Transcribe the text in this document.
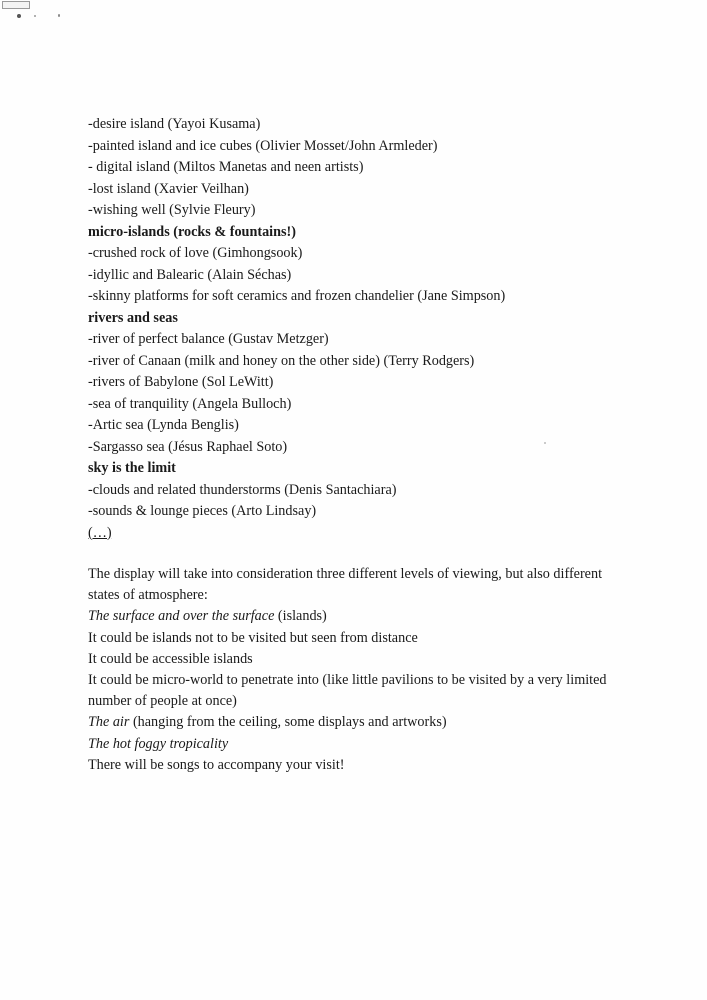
-desire island (Yayoi Kusama)
-painted island and ice cubes (Olivier Mosset/John Armleder)
- digital island (Miltos Manetas and neen artists)
-lost island (Xavier Veilhan)
-wishing well (Sylvie Fleury)
micro-islands (rocks & fountains!)
-crushed rock of love (Gimhongsook)
-idyllic and Balearic (Alain Séchas)
-skinny platforms for soft ceramics and frozen chandelier (Jane Simpson)
rivers and seas
-river of perfect balance (Gustav Metzger)
-river of Canaan (milk and honey on the other side) (Terry Rodgers)
-rivers of Babylone (Sol LeWitt)
-sea of tranquility (Angela Bulloch)
-Artic sea (Lynda Benglis)
-Sargasso sea (Jésus Raphael Soto)
sky is the limit
-clouds and related thunderstorms (Denis Santachiara)
-sounds & lounge pieces (Arto Lindsay)
(…)
The display will take into consideration three different levels of viewing, but also different
states of atmosphere:
The surface and over the surface (islands)
It could be islands not to be visited but seen from distance
It could be accessible islands
It could be micro-world to penetrate into (like little pavilions to be visited by a very limited
number of people at once)
The air (hanging from the ceiling, some displays and artworks)
The hot foggy tropicality
There will be songs to accompany your visit!
